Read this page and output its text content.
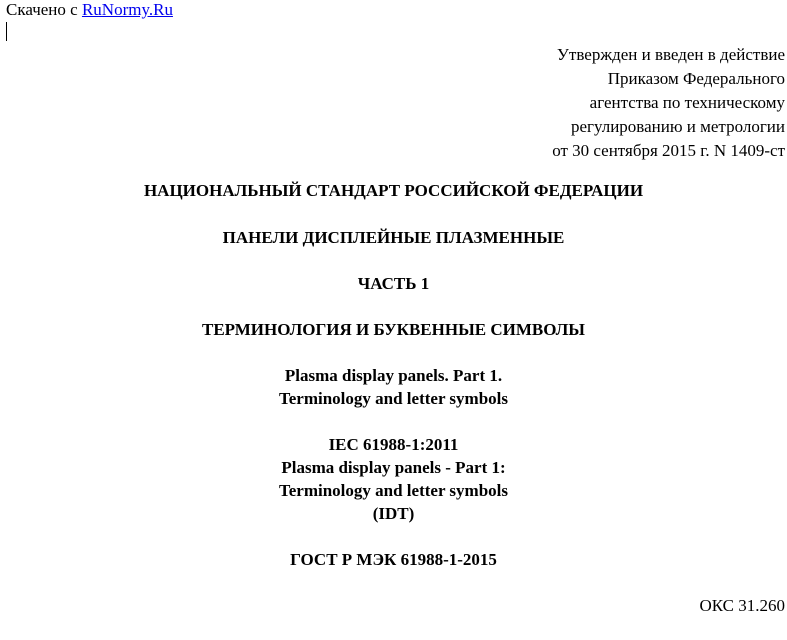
Скачено с RuNormy.Ru
Утвержден и введен в действие
Приказом Федерального
агентства по техническому
регулированию и метрологии
от 30 сентября 2015 г. N 1409-ст
НАЦИОНАЛЬНЫЙ СТАНДАРТ РОССИЙСКОЙ ФЕДЕРАЦИИ
ПАНЕЛИ ДИСПЛЕЙНЫЕ ПЛАЗМЕННЫЕ
ЧАСТЬ 1
ТЕРМИНОЛОГИЯ И БУКВЕННЫЕ СИМВОЛЫ
Plasma display panels. Part 1.
Terminology and letter symbols
IEC 61988-1:2011
Plasma display panels - Part 1:
Terminology and letter symbols
(IDT)
ГОСТ Р МЭК 61988-1-2015
ОКС 31.260
